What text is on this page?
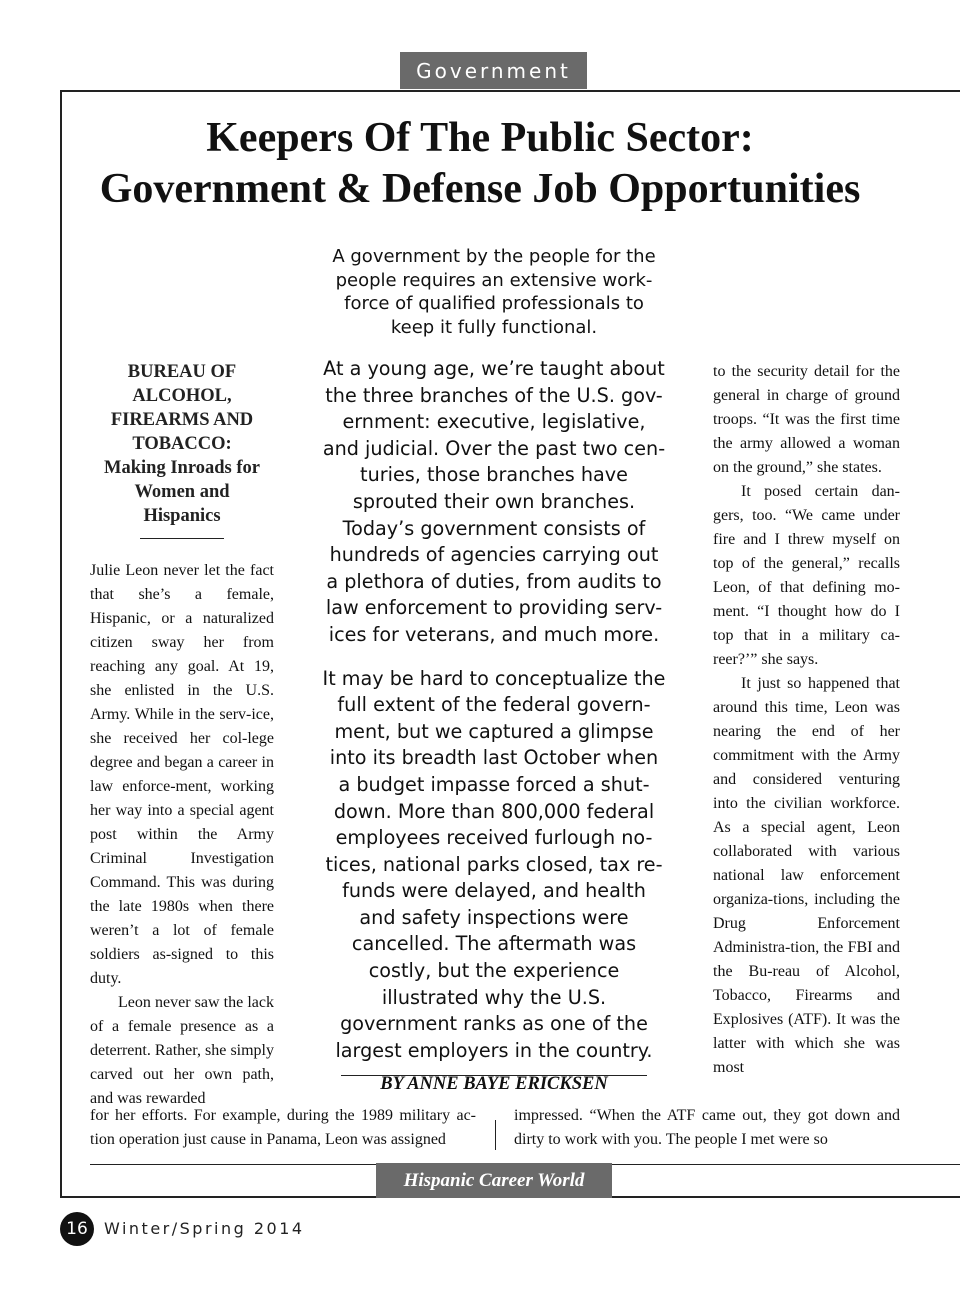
Government
Keepers Of The Public Sector:
Government & Defense Job Opportunities

A government by the people for the people requires an extensive work-force of qualified professionals to keep it fully functional.

BUREAU OF
ALCOHOL,
FIREARMS AND
TOBACCO:
Making Inroads for
Women and
Hispanics

Julie Leon never let the fact that she’s a female, Hispanic, or a naturalized citizen sway her from reaching any goal. At 19, she enlisted in the U.S. Army. While in the serv-ice, she received her col-lege degree and began a career in law enforce-ment, working her way into a special agent post within the Army Criminal Investigation Command. This was during the late 1980s when there weren’t a lot of female soldiers as-signed to this duty.

Leon never saw the lack of a female presence as a deterrent. Rather, she simply carved out her own path, and was rewarded

At a young age, we’re taught about the three branches of the U.S. gov-ernment: executive, legislative, and judicial. Over the past two cen-turies, those branches have sprouted their own branches. Today’s government consists of hundreds of agencies carrying out a plethora of duties, from audits to law enforcement to providing serv-ices for veterans, and much more.

It may be hard to conceptualize the full extent of the federal govern-ment, but we captured a glimpse into its breadth last October when a budget impasse forced a shut-down. More than 800,000 federal employees received furlough no-tices, national parks closed, tax re-funds were delayed, and health and safety inspections were cancelled. The aftermath was costly, but the experience illustrated why the U.S. government ranks as one of the largest employers in the country.

BY ANNE BAYE ERICKSEN

to the security detail for the general in charge of ground troops. “It was the first time the army allowed a woman on the ground,” she states.

It posed certain dan-gers, too. “We came under fire and I threw myself on top of the general,” recalls Leon, of that defining mo-ment. “I thought how do I top that in a military ca-reer?’” she says.

It just so happened that around this time, Leon was nearing the end of her commitment with the Army and considered venturing into the civilian workforce. As a special agent, Leon collaborated with various national law enforcement organiza-tions, including the Drug Enforcement Administra-tion, the FBI and the Bu-reau of Alcohol, Tobacco, Firearms and Explosives (ATF). It was the latter with which she was most

for her efforts. For example, during the 1989 military ac-tion operation just cause in Panama, Leon was assigned

impressed. “When the ATF came out, they got down and dirty to work with you. The people I met were so

Hispanic Career World
16	Winter/Spring 2014
